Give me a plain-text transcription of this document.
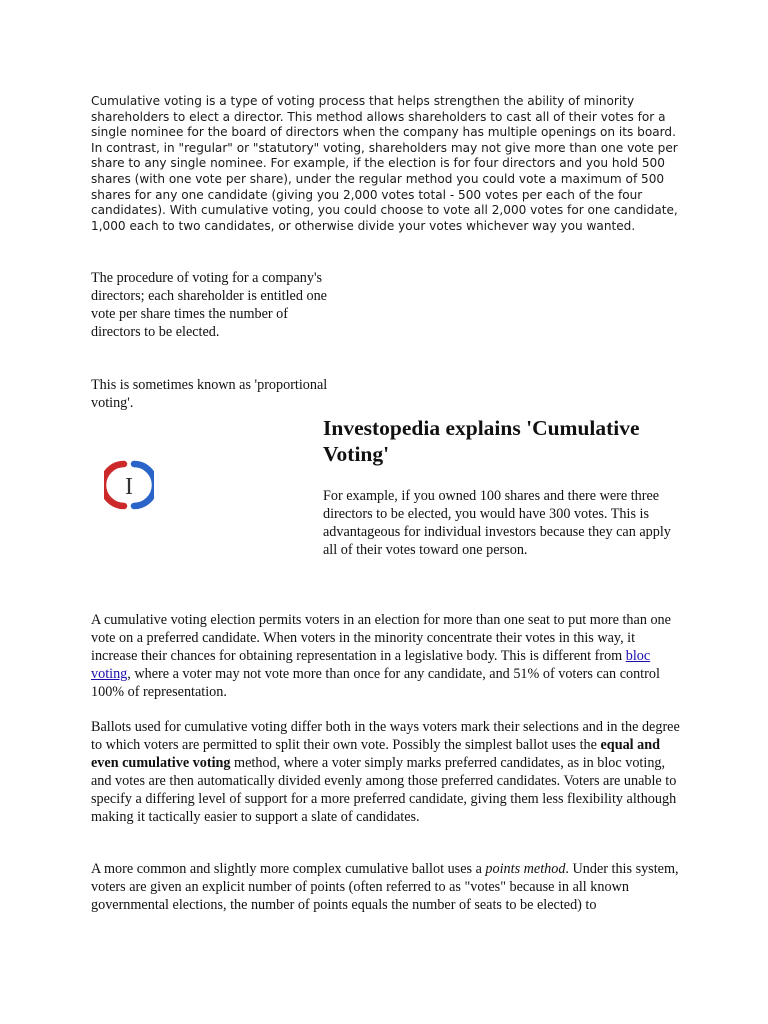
Cumulative voting is a type of voting process that helps strengthen the ability of minority shareholders to elect a director. This method allows shareholders to cast all of their votes for a single nominee for the board of directors when the company has multiple openings on its board. In contrast, in "regular" or "statutory" voting, shareholders may not give more than one vote per share to any single nominee. For example, if the election is for four directors and you hold 500 shares (with one vote per share), under the regular method you could vote a maximum of 500 shares for any one candidate (giving you 2,000 votes total - 500 votes per each of the four candidates). With cumulative voting, you could choose to vote all 2,000 votes for one candidate, 1,000 each to two candidates, or otherwise divide your votes whichever way you wanted.

The procedure of voting for a company's directors; each shareholder is entitled one vote per share times the number of directors to be elected.

This is sometimes known as 'proportional voting'.

Investopedia explains 'Cumulative Voting'
I	For example, if you owned 100 shares and there were three directors to be elected, you would have 300 votes. This is advantageous for individual investors because they can apply all of their votes toward one person.

A cumulative voting election permits voters in an election for more than one seat to put more than one vote on a preferred candidate. When voters in the minority concentrate their votes in this way, it increase their chances for obtaining representation in a legislative body. This is different from bloc voting, where a voter may not vote more than once for any candidate, and 51% of voters can control 100% of representation.

Ballots used for cumulative voting differ both in the ways voters mark their selections and in the degree to which voters are permitted to split their own vote. Possibly the simplest ballot uses the equal and even cumulative voting method, where a voter simply marks preferred candidates, as in bloc voting, and votes are then automatically divided evenly among those preferred candidates. Voters are unable to specify a differing level of support for a more preferred candidate, giving them less flexibility although making it tactically easier to support a slate of candidates.

A more common and slightly more complex cumulative ballot uses a points method. Under this system, voters are given an explicit number of points (often referred to as "votes" because in all known governmental elections, the number of points equals the number of seats to be elected) to
